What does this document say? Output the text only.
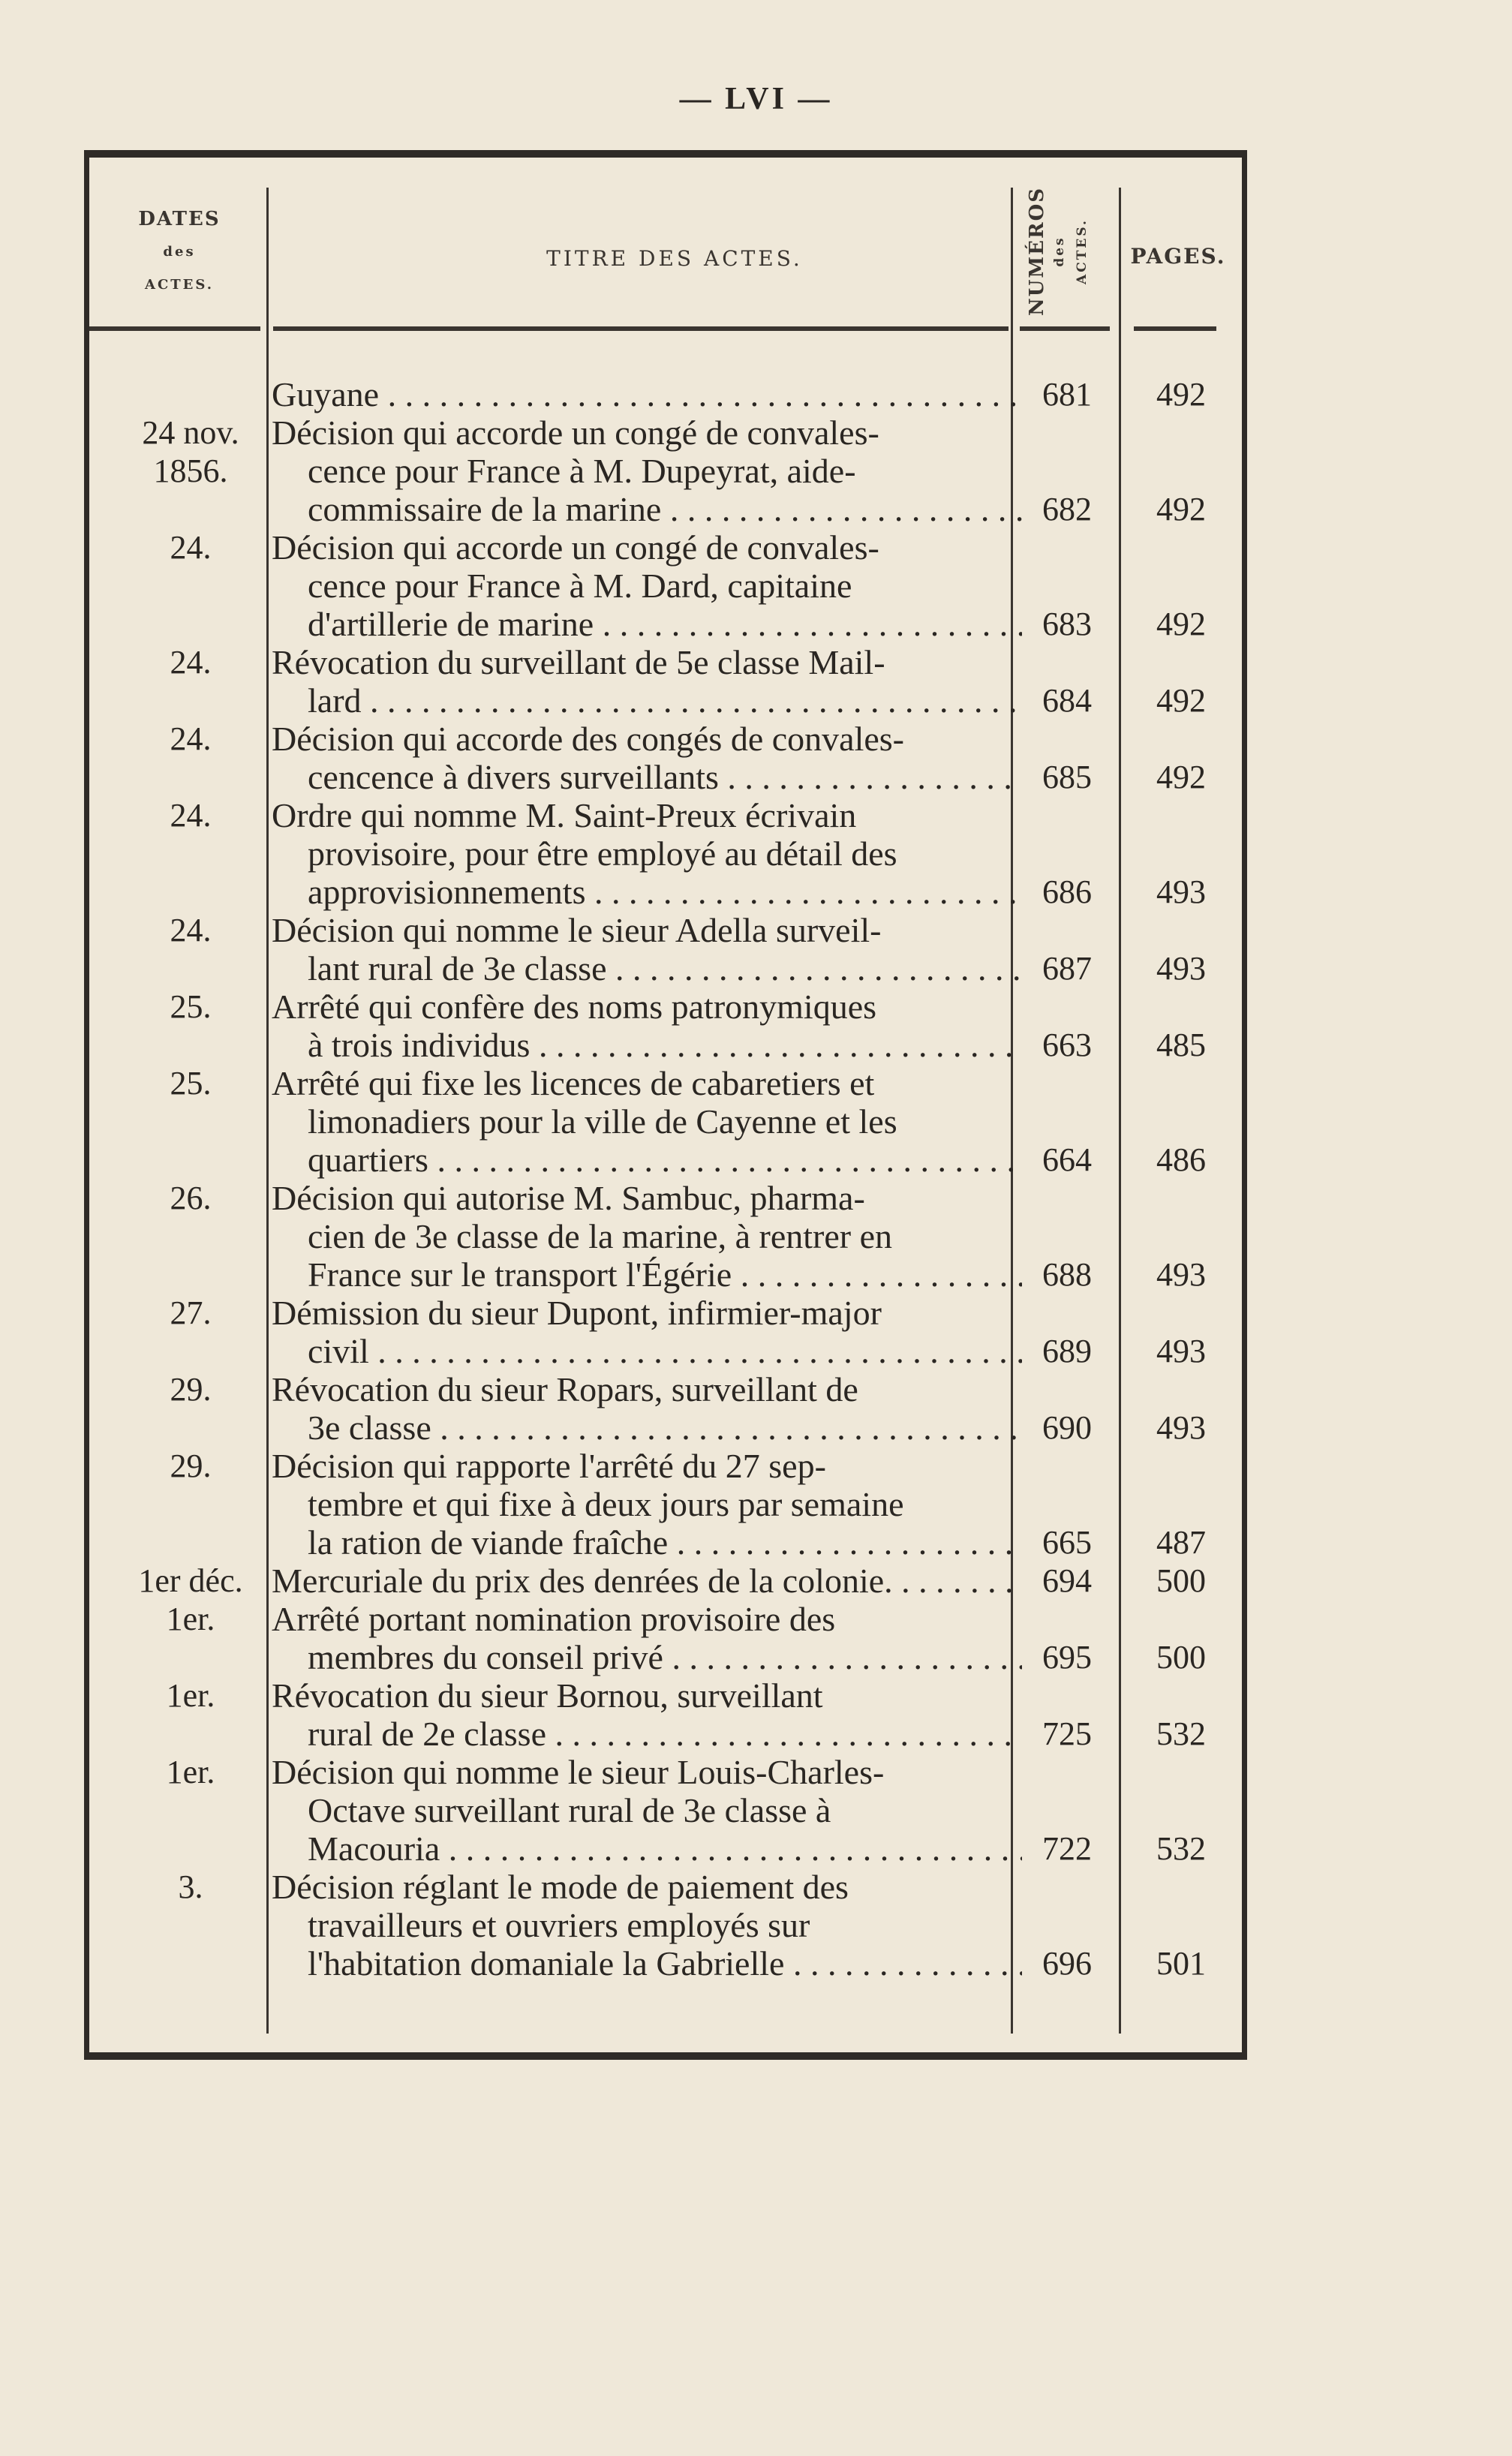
— LVI —
DATES
des
ACTES.
TITRE DES ACTES.	NUMÉROS des ACTES.	PAGES.
Guyane . . .	681	492
24 nov. 1856.
Décision qui accorde un congé de convales-
cence pour France à M. Dupeyrat, aide-
commissaire de la marine . . .	682	492
24.	Décision qui accorde un congé de convales-
cence pour France à M. Dard, capitaine
d'artillerie de marine . . .	683	492
24.	Révocation du surveillant de 5e classe Mail-
lard . . .	684	492
24.	Décision qui accorde des congés de convales-
cencence à divers surveillants . . .	685	492
24.	Ordre qui nomme M. Saint-Preux écrivain
provisoire, pour être employé au détail des
approvisionnements . . .	686	493
24.	Décision qui nomme le sieur Adella surveil-
lant rural de 3e classe . . .	687	493
25.	Arrêté qui confère des noms patronymiques
à trois individus . . .	663	485
25.	Arrêté qui fixe les licences de cabaretiers et
limonadiers pour la ville de Cayenne et les
quartiers . . .	664	486
26.	Décision qui autorise M. Sambuc, pharma-
cien de 3e classe de la marine, à rentrer en
France sur le transport l'Égérie . . .	688	493
27.	Démission du sieur Dupont, infirmier-major
civil . . .	689	493
29.	Révocation du sieur Ropars, surveillant de
3e classe . . .	690	493
29.	Décision qui rapporte l'arrêté du 27 sep-
tembre et qui fixe à deux jours par semaine
la ration de viande fraîche . . .	665	487
1er déc. Mercuriale du prix des denrées de la colonie. . . .	694	500
1er.	Arrêté portant nomination provisoire des
membres du conseil privé . . .	695	500
1er.	Révocation du sieur Bornou, surveillant
rural de 2e classe . . .	725	532
1er.	Décision qui nomme le sieur Louis-Charles-
Octave surveillant rural de 3e classe à
Macouria . . .	722	532
3.	Décision réglant le mode de paiement des
travailleurs et ouvriers employés sur
l'habitation domaniale la Gabrielle . . .	696	501
